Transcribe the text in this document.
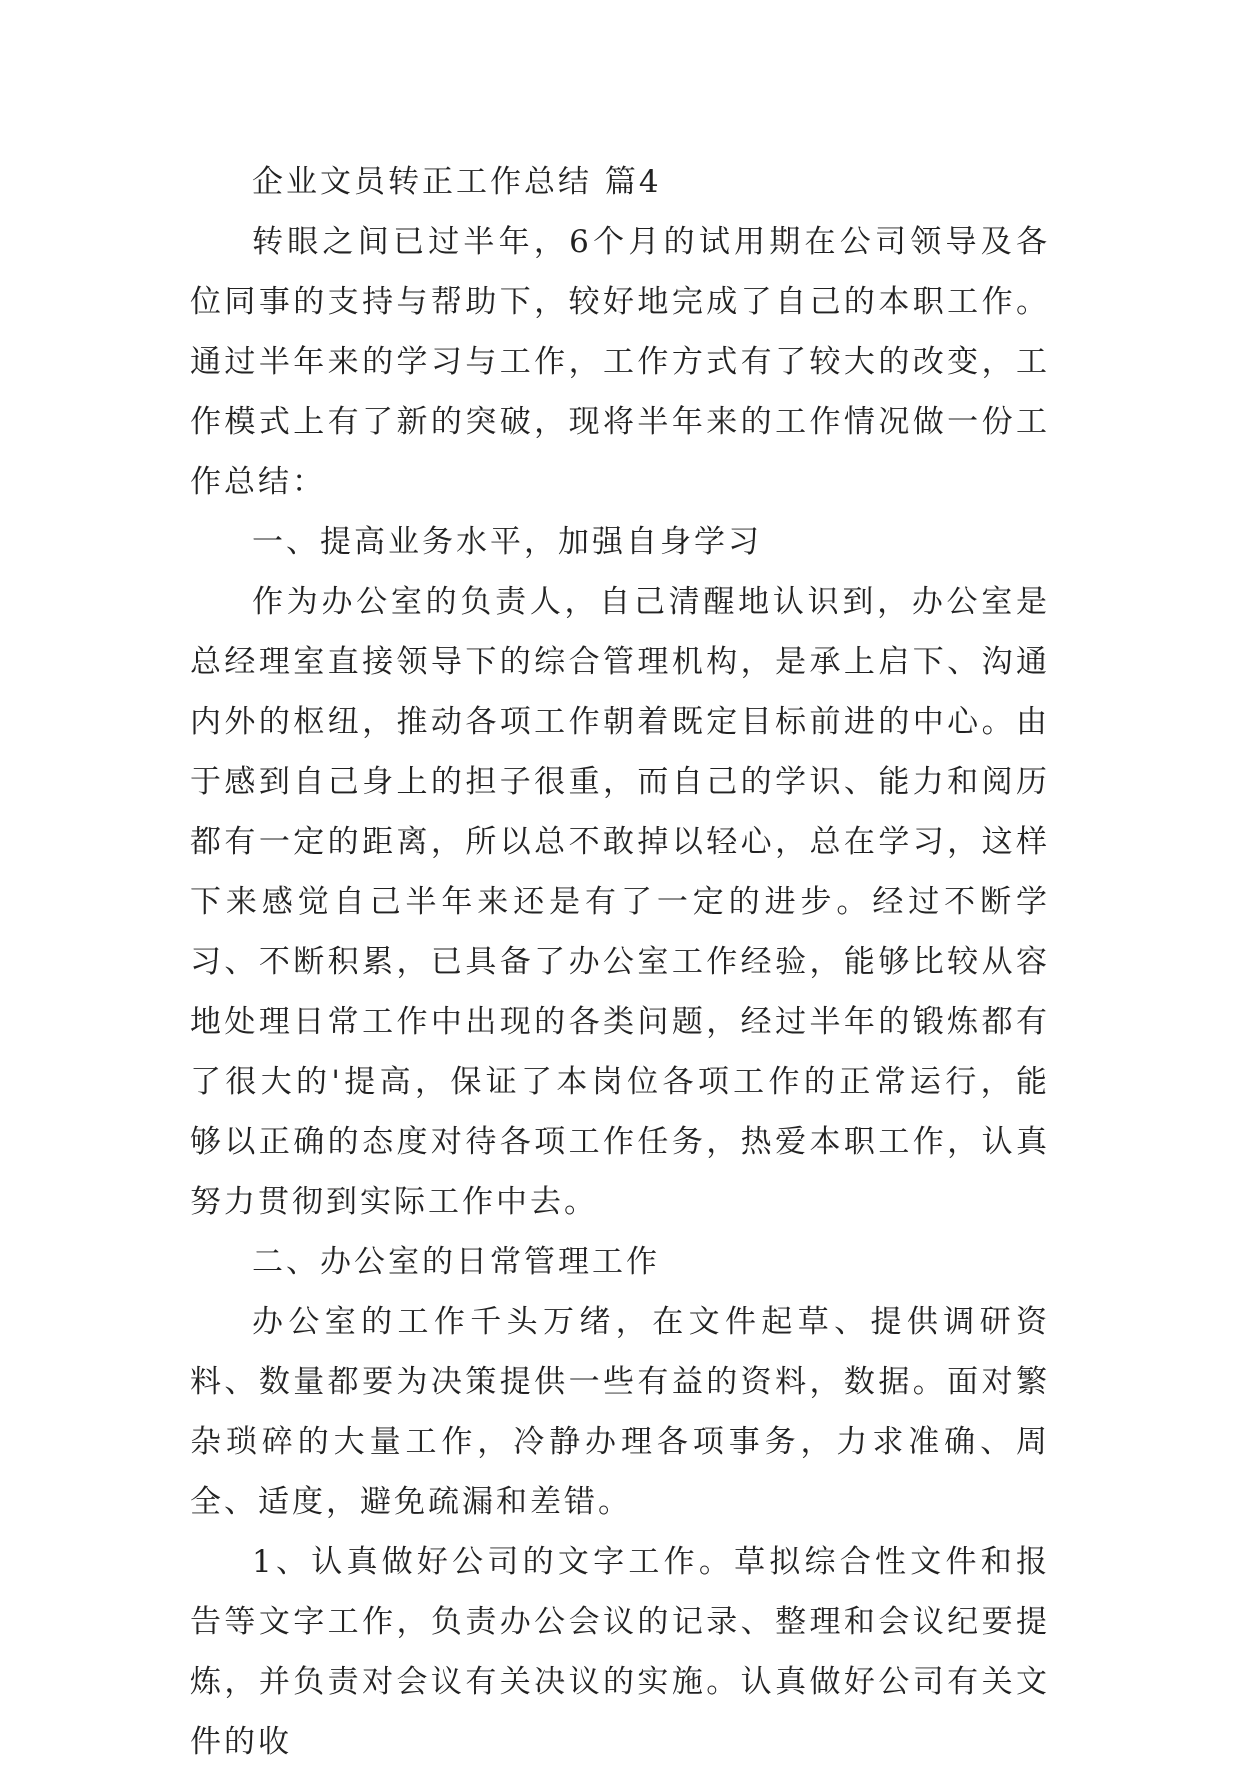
企业文员转正工作总结 篇4

转眼之间已过半年，6个月的试用期在公司领导及各位同事的支持与帮助下，较好地完成了自己的本职工作。通过半年来的学习与工作，工作方式有了较大的改变，工作模式上有了新的突破，现将半年来的工作情况做一份工作总结：

一、提高业务水平，加强自身学习

作为办公室的负责人，自己清醒地认识到，办公室是总经理室直接领导下的综合管理机构，是承上启下、沟通内外的枢纽，推动各项工作朝着既定目标前进的中心。由于感到自己身上的担子很重，而自己的学识、能力和阅历都有一定的距离，所以总不敢掉以轻心，总在学习，这样下来感觉自己半年来还是有了一定的进步。经过不断学习、不断积累，已具备了办公室工作经验，能够比较从容地处理日常工作中出现的各类问题，经过半年的锻炼都有了很大的'提高，保证了本岗位各项工作的正常运行，能够以正确的态度对待各项工作任务，热爱本职工作，认真努力贯彻到实际工作中去。

二、办公室的日常管理工作

办公室的工作千头万绪，在文件起草、提供调研资料、数量都要为决策提供一些有益的资料，数据。面对繁杂琐碎的大量工作，冷静办理各项事务，力求准确、周全、适度，避免疏漏和差错。

1、认真做好公司的文字工作。草拟综合性文件和报告等文字工作，负责办公会议的记录、整理和会议纪要提炼，并负责对会议有关决议的实施。认真做好公司有关文件的收
